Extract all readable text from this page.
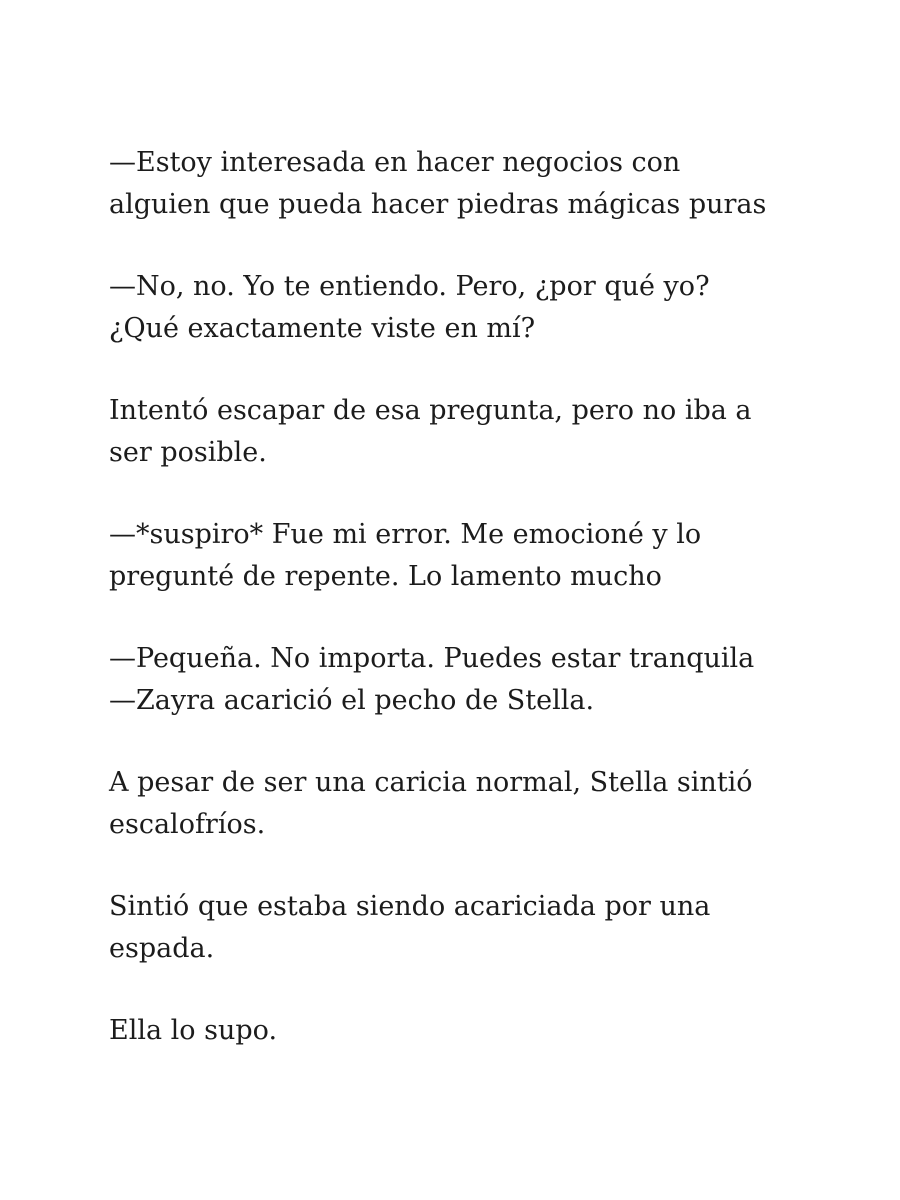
—Estoy interesada en hacer negocios con
alguien que pueda hacer piedras mágicas puras

—No, no. Yo te entiendo. Pero, ¿por qué yo?
¿Qué exactamente viste en mí?

Intentó escapar de esa pregunta, pero no iba a
ser posible.

—*suspiro* Fue mi error. Me emocioné y lo
pregunté de repente. Lo lamento mucho

—Pequeña. No importa. Puedes estar tranquila
—Zayra acarició el pecho de Stella.

A pesar de ser una caricia normal, Stella sintió
escalofríos.

Sintió que estaba siendo acariciada por una
espada.

Ella lo supo.
